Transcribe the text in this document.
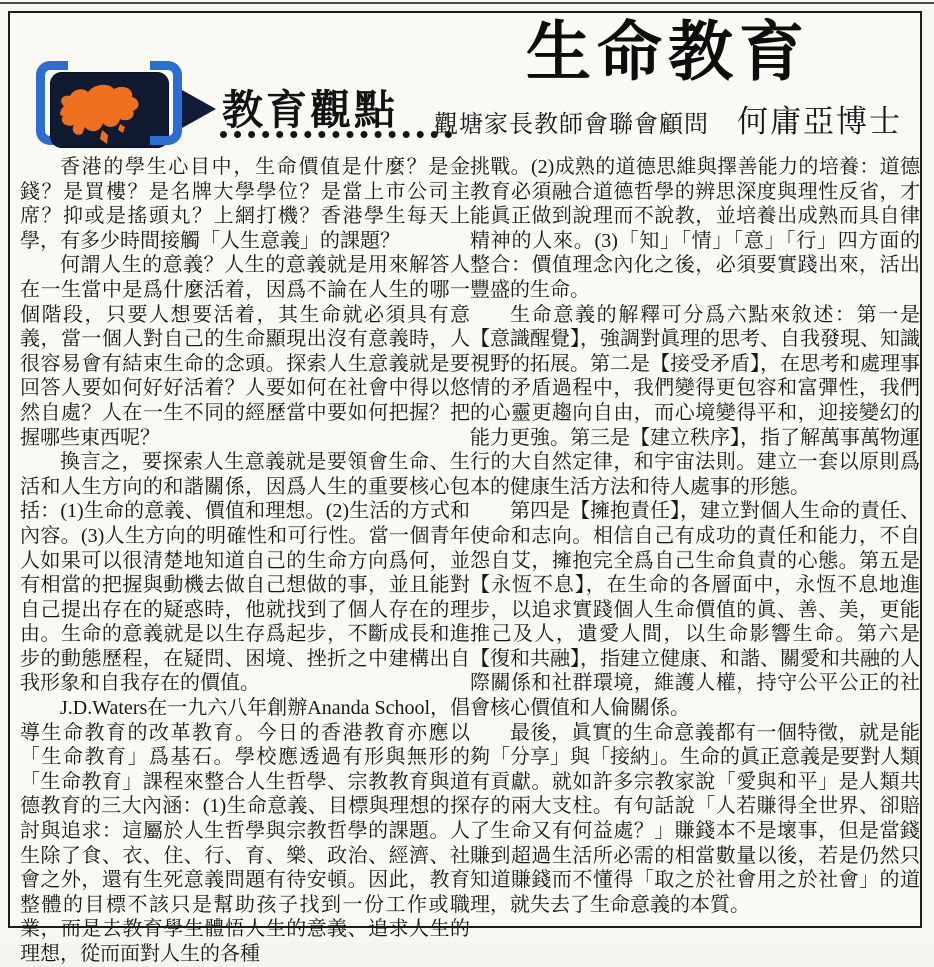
教育觀點
生命教育
觀塘家長教師會聯會顧問 何庸亞博士

香港的學生心目中，生命價值是什麼？是金錢？是買樓？是名牌大學學位？是當上市公司主席？抑或是搖頭丸？上網打機？香港學生每天上學，有多少時間接觸「人生意義」的課題？

何謂人生的意義？人生的意義就是用來解答人在一生當中是爲什麼活着，因爲不論在人生的哪一個階段，只要人想要活着，其生命就必須具有意義，當一個人對自己的生命顯現出沒有意義時，人很容易會有結束生命的念頭。探索人生意義就是要回答人要如何好好活着？人要如何在社會中得以悠然自處？人在一生不同的經歷當中要如何把握？把握哪些東西呢？

換言之，要探索人生意義就是要領會生命、生活和人生方向的和諧關係，因爲人生的重要核心包括：(1)生命的意義、價值和理想。(2)生活的方式和內容。(3)人生方向的明確性和可行性。當一個青年人如果可以很清楚地知道自己的生命方向爲何，並有相當的把握與動機去做自己想做的事，並且能對自己提出存在的疑惑時，他就找到了個人存在的理由。生命的意義就是以生存爲起步，不斷成長和進步的動態歷程，在疑問、困境、挫折之中建構出自我形象和自我存在的價值。

J.D.Waters在一九六八年創辦Ananda School，倡導生命教育的改革教育。今日的香港教育亦應以「生命教育」爲基石。學校應透過有形與無形的「生命教育」課程來整合人生哲學、宗教教育與道德教育的三大內涵：(1)生命意義、目標與理想的探討與追求：這屬於人生哲學與宗教哲學的課題。人生除了食、衣、住、行、育、樂、政治、經濟、社會之外，還有生死意義問題有待安頓。因此，教育整體的目標不該只是幫助孩子找到一份工作或職業，而是去教育學生體悟人生的意義、追求人生的理想，從而面對人生的各種

挑戰。(2)成熟的道德思維與擇善能力的培養：道德教育必須融合道德哲學的辨思深度與理性反省，才能眞正做到說理而不說教，並培養出成熟而具自律精神的人來。(3)「知」「情」「意」「行」四方面的整合：價值理念內化之後，必須要實踐出來，活出豐盛的生命。

生命意義的解釋可分爲六點來敘述：第一是【意識醒覺】，強調對眞理的思考、自我發現、知識視野的拓展。第二是【接受矛盾】，在思考和處理事情的矛盾過程中，我們變得更包容和富彈性，我們的心靈更趨向自由，而心境變得平和，迎接變幻的能力更強。第三是【建立秩序】，指了解萬事萬物運行的大自然定律，和宇宙法則。建立一套以原則爲本的健康生活方法和待人處事的形態。

第四是【擁抱責任】，建立對個人生命的責任、使命和志向。相信自己有成功的責任和能力，不自怨自艾，擁抱完全爲自己生命負責的心態。第五是【永恆不息】，在生命的各層面中，永恆不息地進步，以追求實踐個人生命價值的眞、善、美，更能推己及人，遺愛人間，以生命影響生命。第六是【復和共融】，指建立健康、和諧、關愛和共融的人際關係和社群環境，維護人權，持守公平公正的社會核心價值和人倫關係。

最後，眞實的生命意義都有一個特徵，就是能夠「分享」與「接納」。生命的眞正意義是要對人類有貢獻。就如許多宗教家說「愛與和平」是人類共存的兩大支柱。有句話說「人若賺得全世界、卻賠了生命又有何益處？」賺錢本不是壞事，但是當錢賺到超過生活所必需的相當數量以後，若是仍然只知道賺錢而不懂得「取之於社會用之於社會」的道理，就失去了生命意義的本質。
